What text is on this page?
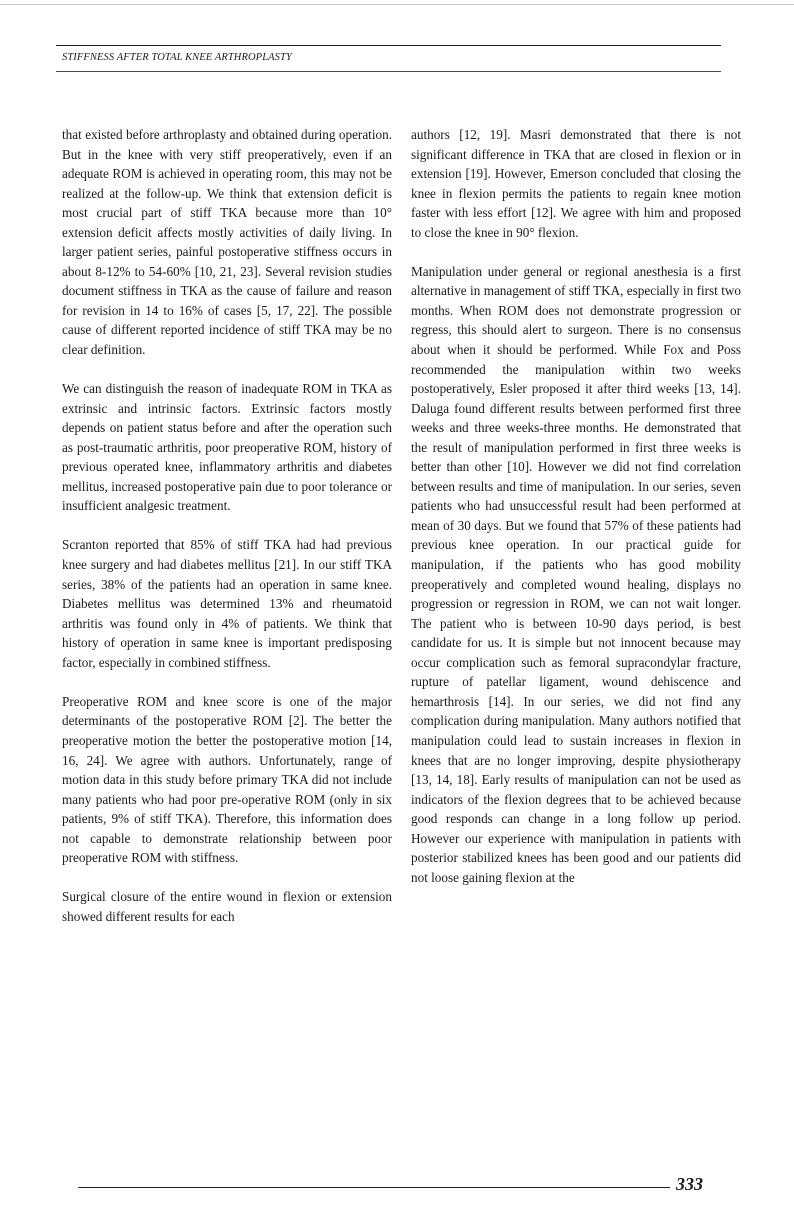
STIFFNESS AFTER TOTAL KNEE ARTHROPLASTY

that existed before arthroplasty and obtained during operation. But in the knee with very stiff preoperatively, even if an adequate ROM is achieved in operating room, this may not be realized at the follow-up. We think that extension deficit is most crucial part of stiff TKA because more than 10° extension deficit affects mostly activities of daily living. In larger patient series, painful postoperative stiffness occurs in about 8-12% to 54-60% [10, 21, 23]. Several revision studies document stiffness in TKA as the cause of failure and reason for revision in 14 to 16% of cases [5, 17, 22]. The possible cause of different reported incidence of stiff TKA may be no clear definition.

We can distinguish the reason of inadequate ROM in TKA as extrinsic and intrinsic factors. Extrinsic factors mostly depends on patient status before and after the operation such as post-traumatic arthritis, poor preoperative ROM, history of previous operated knee, inflammatory arthritis and diabetes mellitus, increased postoperative pain due to poor tolerance or insufficient analgesic treatment.

Scranton reported that 85% of stiff TKA had had previous knee surgery and had diabetes mellitus [21]. In our stiff TKA series, 38% of the patients had an operation in same knee. Diabetes mellitus was determined 13% and rheumatoid arthritis was found only in 4% of patients. We think that history of operation in same knee is important predisposing factor, especially in combined stiffness.

Preoperative ROM and knee score is one of the major determinants of the postoperative ROM [2]. The better the preoperative motion the better the postoperative motion [14, 16, 24]. We agree with authors. Unfortunately, range of motion data in this study before primary TKA did not include many patients who had poor pre-operative ROM (only in six patients, 9% of stiff TKA). Therefore, this information does not capable to demonstrate relationship between poor preoperative ROM with stiffness.

Surgical closure of the entire wound in flexion or extension showed different results for each

authors [12, 19]. Masri demonstrated that there is not significant difference in TKA that are closed in flexion or in extension [19]. However, Emerson concluded that closing the knee in flexion permits the patients to regain knee motion faster with less effort [12]. We agree with him and proposed to close the knee in 90° flexion.

Manipulation under general or regional anesthesia is a first alternative in management of stiff TKA, especially in first two months. When ROM does not demonstrate progression or regress, this should alert to surgeon. There is no consensus about when it should be performed. While Fox and Poss recommended the manipulation within two weeks postoperatively, Esler proposed it after third weeks [13, 14]. Daluga found different results between performed first three weeks and three weeks-three months. He demonstrated that the result of manipulation performed in first three weeks is better than other [10]. However we did not find correlation between results and time of manipulation. In our series, seven patients who had unsuccessful result had been performed at mean of 30 days. But we found that 57% of these patients had previous knee operation. In our practical guide for manipulation, if the patients who has good mobility preoperatively and completed wound healing, displays no progression or regression in ROM, we can not wait longer. The patient who is between 10-90 days period, is best candidate for us. It is simple but not innocent because may occur complication such as femoral supracondylar fracture, rupture of patellar ligament, wound dehiscence and hemarthrosis [14]. In our series, we did not find any complication during manipulation. Many authors notified that manipulation could lead to sustain increases in flexion in knees that are no longer improving, despite physiotherapy [13, 14, 18]. Early results of manipulation can not be used as indicators of the flexion degrees that to be achieved because good responds can change in a long follow up period. However our experience with manipulation in patients with posterior stabilized knees has been good and our patients did not loose gaining flexion at the

333
